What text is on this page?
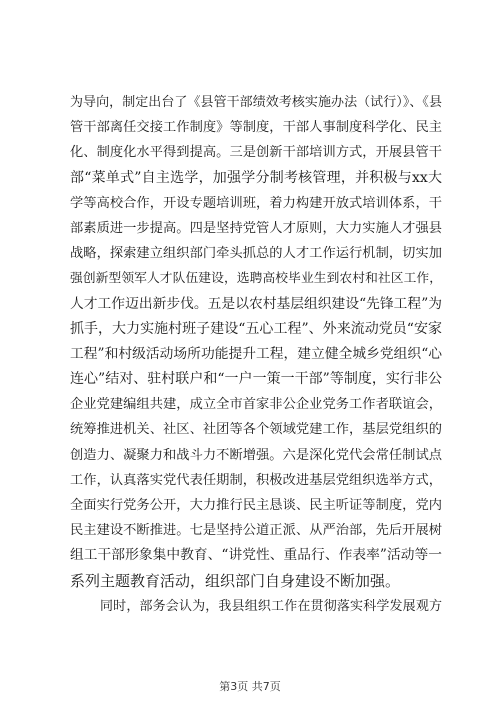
为导向，制定出台了《县管干部绩效考核实施办法（试行）》、《县
管干部离任交接工作制度》等制度，干部人事制度科学化、民主
化、制度化水平得到提高。三是创新干部培训方式，开展县管干
部“菜单式”自主选学，加强学分制考核管理，并积极与xx大
学等高校合作，开设专题培训班，着力构建开放式培训体系，干
部素质进一步提高。四是坚持党管人才原则，大力实施人才强县
战略，探索建立组织部门牵头抓总的人才工作运行机制，切实加
强创新型领军人才队伍建设，选聘高校毕业生到农村和社区工作，
人才工作迈出新步伐。五是以农村基层组织建设“先锋工程”为
抓手，大力实施村班子建设“五心工程”、外来流动党员“安家
工程”和村级活动场所功能提升工程，建立健全城乡党组织“心
连心”结对、驻村联户和“一户一策一干部”等制度，实行非公
企业党建编组共建，成立全市首家非公企业党务工作者联谊会，
统筹推进机关、社区、社团等各个领域党建工作，基层党组织的
创造力、凝聚力和战斗力不断增强。六是深化党代会常任制试点
工作，认真落实党代表任期制，积极改进基层党组织选举方式，
全面实行党务公开，大力推行民主恳谈、民主听证等制度，党内
民主建设不断推进。七是坚持公道正派、从严治部，先后开展树
组工干部形象集中教育、“讲党性、重品行、作表率”活动等一
系列主题教育活动，组织部门自身建设不断加强。
同时，部务会认为，我县组织工作在贯彻落实科学发展观方
第3页 共7页
